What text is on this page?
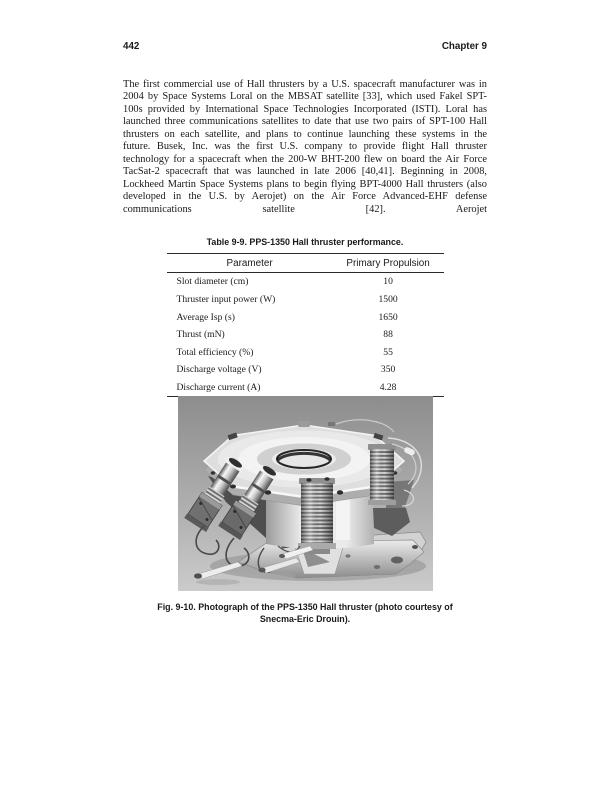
442	Chapter 9

The first commercial use of Hall thrusters by a U.S. spacecraft manufacturer was in 2004 by Space Systems Loral on the MBSAT satellite [33], which used Fakel SPT-100s provided by International Space Technologies Incorporated (ISTI). Loral has launched three communications satellites to date that use two pairs of SPT-100 Hall thrusters on each satellite, and plans to continue launching these systems in the future. Busek, Inc. was the first U.S. company to provide flight Hall thruster technology for a spacecraft when the 200-W BHT-200 flew on board the Air Force TacSat-2 spacecraft that was launched in late 2006 [40,41]. Beginning in 2008, Lockheed Martin Space Systems plans to begin flying BPT-4000 Hall thrusters (also developed in the U.S. by Aerojet) on the Air Force Advanced-EHF defense communications satellite [42]. Aerojet

Table 9-9. PPS-1350 Hall thruster performance.
Parameter	Primary Propulsion
Slot diameter (cm)	10
Thruster input power (W)	1500
Average Isp (s)	1650
Thrust (mN)	88
Total efficiency (%)	55
Discharge voltage (V)	350
Discharge current (A)	4.28
Fig. 9-10. Photograph of the PPS-1350 Hall thruster (photo courtesy of Snecma-Eric Drouin).
